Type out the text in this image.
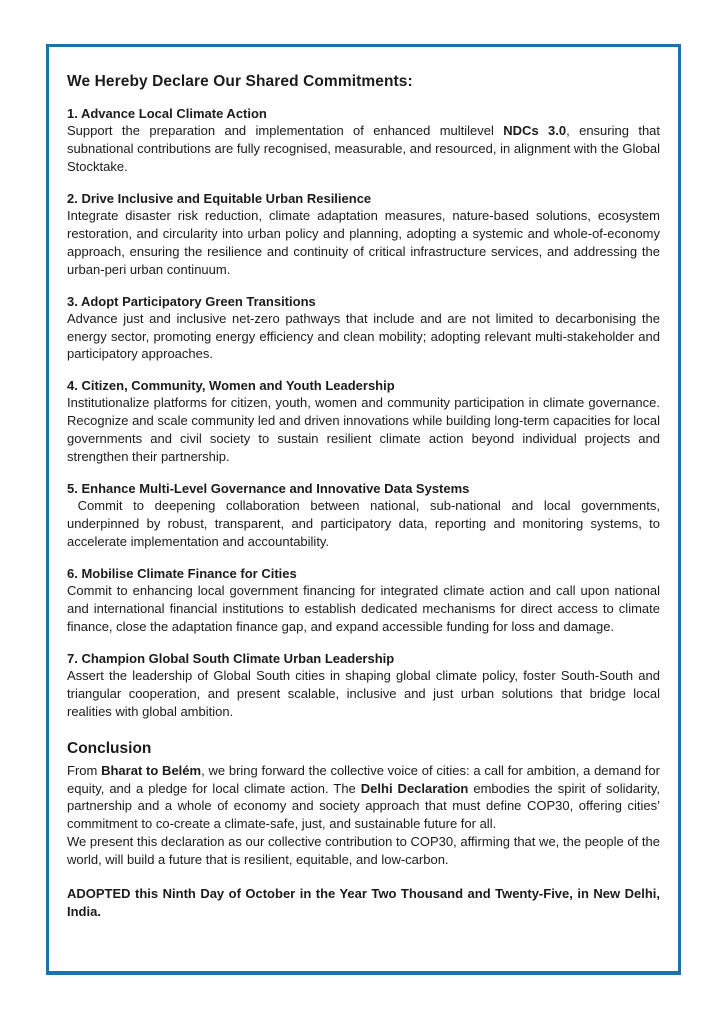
We Hereby Declare Our Shared Commitments:
1. Advance Local Climate Action

Support the preparation and implementation of enhanced multilevel NDCs 3.0, ensuring that subnational contributions are fully recognised, measurable, and resourced, in alignment with the Global Stocktake.

2. Drive Inclusive and Equitable Urban Resilience

Integrate disaster risk reduction, climate adaptation measures, nature-based solutions, ecosystem restoration, and circularity into urban policy and planning, adopting a systemic and whole-of-economy approach, ensuring the resilience and continuity of critical infrastructure services, and addressing the urban-peri urban continuum.

3. Adopt Participatory Green Transitions

Advance just and inclusive net-zero pathways that include and are not limited to decarbonising the energy sector, promoting energy efficiency and clean mobility; adopting relevant multi-stakeholder and participatory approaches.

4. Citizen, Community, Women and Youth Leadership

Institutionalize platforms for citizen, youth, women and community participation in climate governance. Recognize and scale community led and driven innovations while building long-term capacities for local governments and civil society to sustain resilient climate action beyond individual projects and strengthen their partnership.

5. Enhance Multi-Level Governance and Innovative Data Systems

Commit to deepening collaboration between national, sub-national and local governments, underpinned by robust, transparent, and participatory data, reporting and monitoring systems, to accelerate implementation and accountability.

6. Mobilise Climate Finance for Cities

Commit to enhancing local government financing for integrated climate action and call upon national and international financial institutions to establish dedicated mechanisms for direct access to climate finance, close the adaptation finance gap, and expand accessible funding for loss and damage.

7. Champion Global South Climate Urban Leadership

Assert the leadership of Global South cities in shaping global climate policy, foster South-South and triangular cooperation, and present scalable, inclusive and just urban solutions that bridge local realities with global ambition.

Conclusion

From Bharat to Belém, we bring forward the collective voice of cities: a call for ambition, a demand for equity, and a pledge for local climate action. The Delhi Declaration embodies the spirit of solidarity, partnership and a whole of economy and society approach that must define COP30, offering cities’ commitment to co-create a climate-safe, just, and sustainable future for all.

We present this declaration as our collective contribution to COP30, affirming that we, the people of the world, will build a future that is resilient, equitable, and low-carbon.

ADOPTED this Ninth Day of October in the Year Two Thousand and Twenty-Five, in New Delhi, India.
